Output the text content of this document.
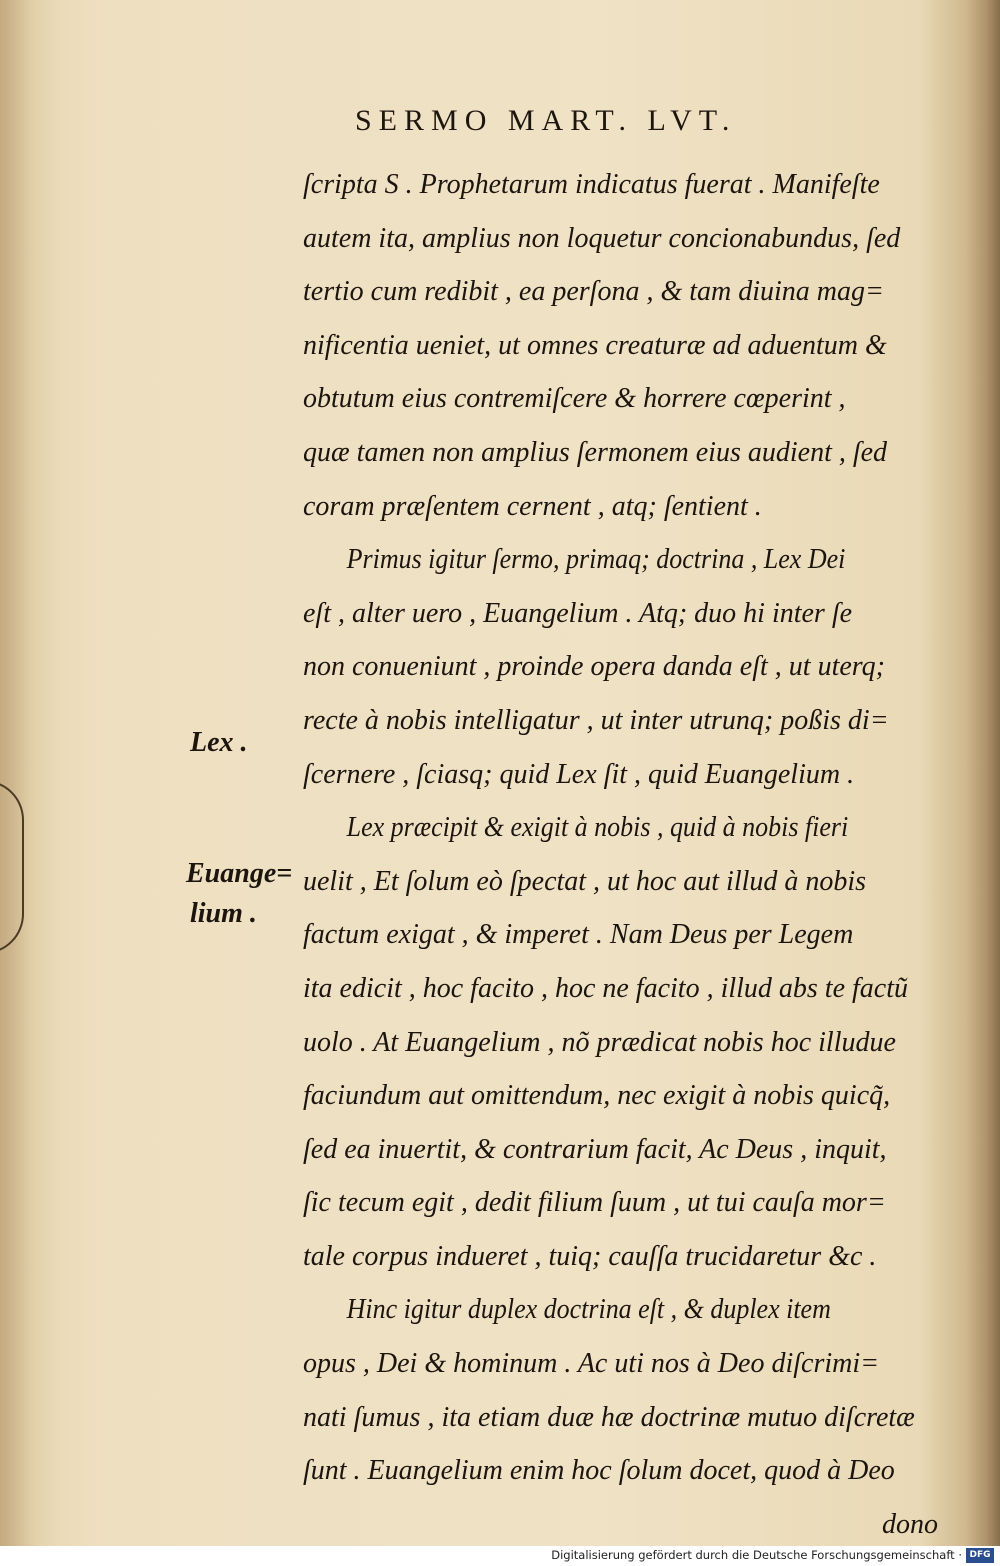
SERMO MART. LVT.
ſcripta S . Prophetarum indicatus fuerat . Manifeſte
autem ita, amplius non loquetur concionabundus, ſed
tertio cum redibit , ea perſona , & tam diuina mag=
nificentia ueniet, ut omnes creaturæ ad aduentum &
obtutum eius contremiſcere & horrere cœperint ,
quæ tamen non amplius ſermonem eius audient , ſed
coram præſentem cernent , atq; ſentient .
Primus igitur ſermo, primaq; doctrina , Lex Dei
eſt , alter uero , Euangelium . Atq; duo hi inter ſe
non conueniunt , proinde opera danda eſt , ut uterq;
recte à nobis intelligatur , ut inter utrunq; poßis di=
ſcernere , ſciasq; quid Lex ſit , quid Euangelium .
Lex præcipit & exigit à nobis , quid à nobis fieri
uelit , Et ſolum eò ſpectat , ut hoc aut illud à nobis
factum exigat , & imperet . Nam Deus per Legem
ita edicit , hoc facito , hoc ne facito , illud abs te factũ
uolo . At Euangelium , nõ prædicat nobis hoc illudue
faciundum aut omittendum, nec exigit à nobis quicq̃,
ſed ea inuertit, & contrarium facit, Ac Deus , inquit,
ſic tecum egit , dedit filium ſuum , ut tui cauſa mor=
tale corpus indueret , tuiq; cauſſa trucidaretur &c .
Hinc igitur duplex doctrina eſt , & duplex item
opus , Dei & hominum . Ac uti nos à Deo diſcrimi=
nati ſumus , ita etiam duæ hæ doctrinæ mutuo diſcretæ
ſunt . Euangelium enim hoc ſolum docet, quod à Deo
dono
Lex .
Euange=
lium .
Digitalisierung gefördert durch die Deutsche Forschungsgemeinschaft · DFG
